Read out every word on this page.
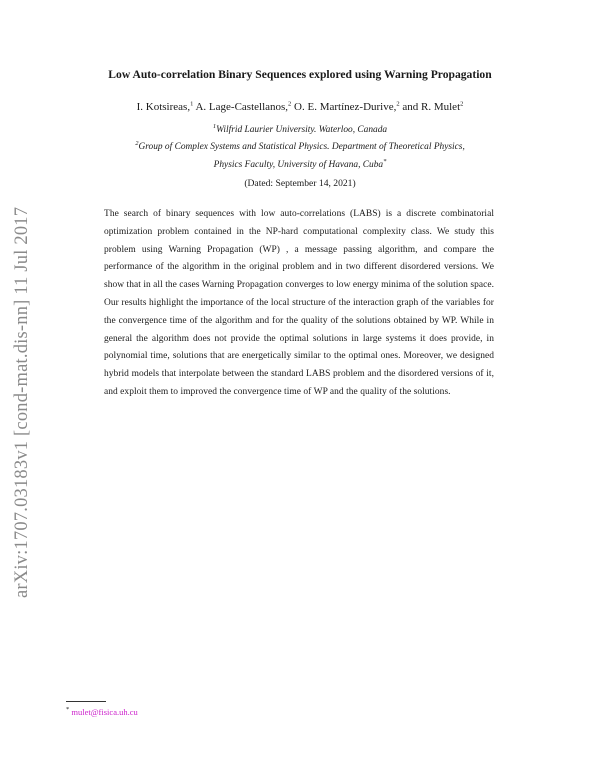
arXiv:1707.03183v1 [cond-mat.dis-nn] 11 Jul 2017
Low Auto-correlation Binary Sequences explored using Warning Propagation
I. Kotsireas,$^1$ A. Lage-Castellanos,$^2$ O. E. Martínez-Durive,$^2$ and R. Mulet$^2$
$^1$Wilfrid Laurier University. Waterloo, Canada
$^2$Group of Complex Systems and Statistical Physics. Department of Theoretical Physics,
Physics Faculty, University of Havana, Cuba*
(Dated: September 14, 2021)
The search of binary sequences with low auto-correlations (LABS) is a discrete combinatorial optimization problem contained in the NP-hard computational complexity class. We study this problem using Warning Propagation (WP) , a message passing algorithm, and compare the performance of the algorithm in the original problem and in two different disordered versions. We show that in all the cases Warning Propagation converges to low energy minima of the solution space. Our results highlight the importance of the local structure of the interaction graph of the variables for the convergence time of the algorithm and for the quality of the solutions obtained by WP. While in general the algorithm does not provide the optimal solutions in large systems it does provide, in polynomial time, solutions that are energetically similar to the optimal ones. Moreover, we designed hybrid models that interpolate between the standard LABS problem and the disordered versions of it, and exploit them to improved the convergence time of WP and the quality of the solutions.
* mulet@fisica.uh.cu
